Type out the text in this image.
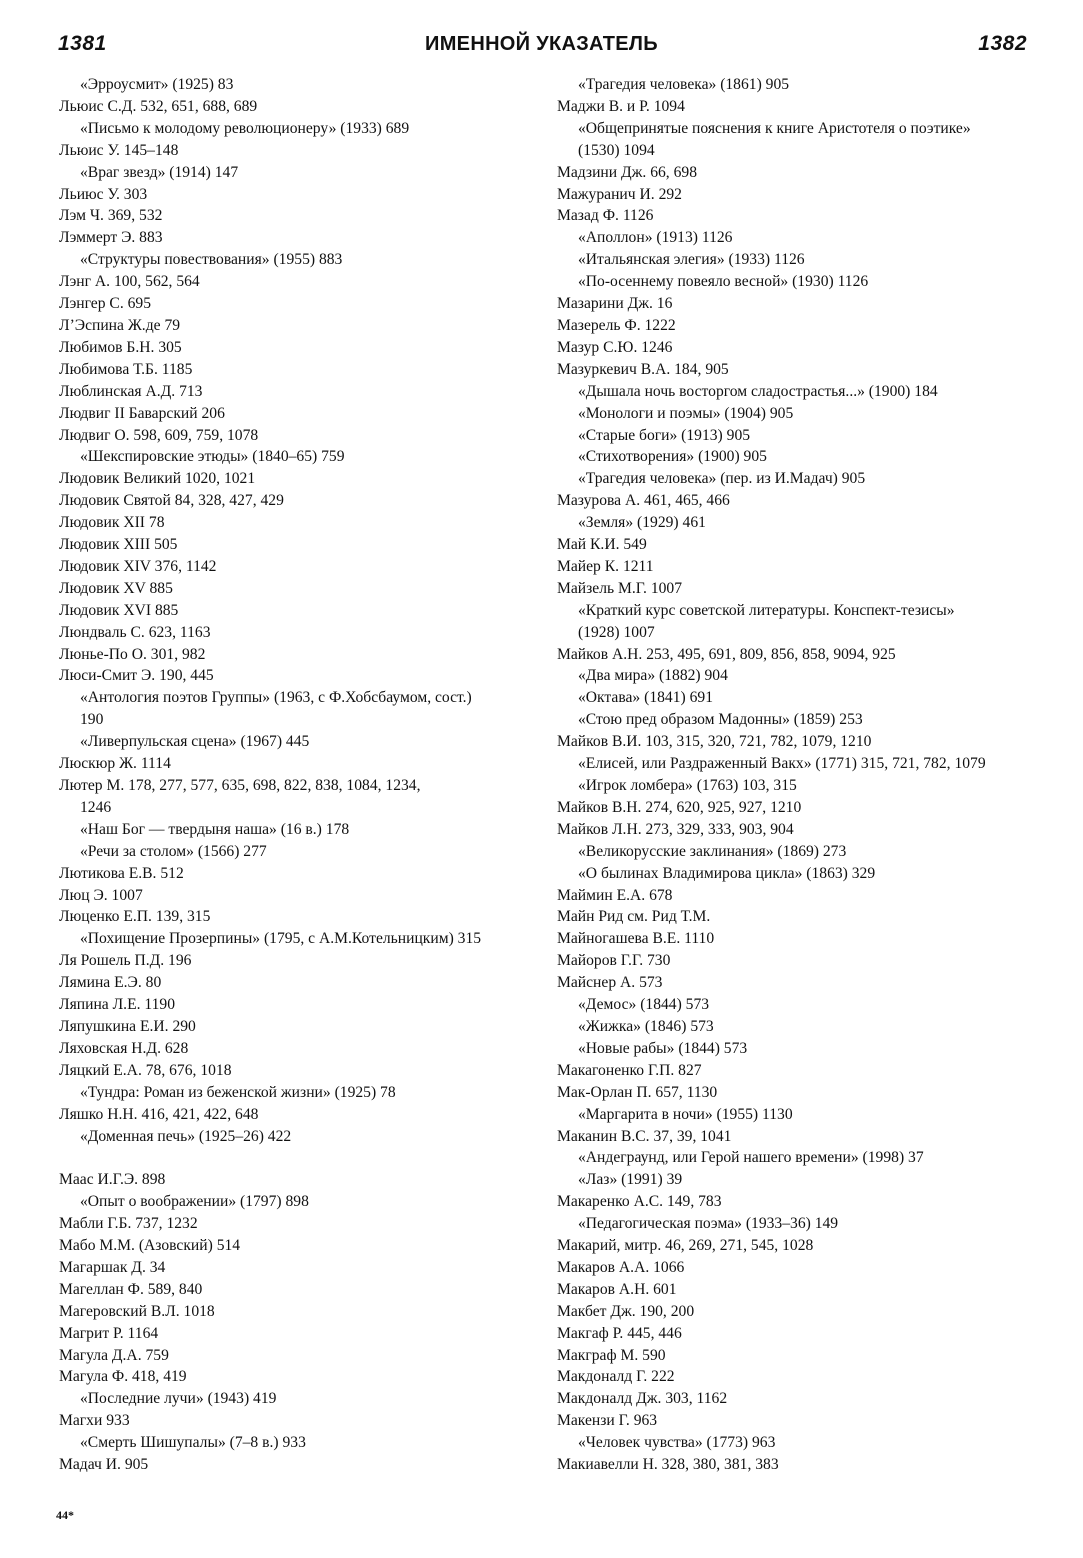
1381	ИМЕННОЙ УКАЗАТЕЛЬ	1382
«Эрроусмит» (1925) 83
Льюис С.Д. 532, 651, 688, 689
«Письмо к молодому революционеру» (1933) 689
Льюис У. 145–148
«Враг звезд» (1914) 147
Льиюс У. 303
Лэм Ч. 369, 532
Лэммерт Э. 883
«Структуры повествования» (1955) 883
Лэнг А. 100, 562, 564
Лэнгер С. 695
Л’Эспина Ж.де 79
Любимов Б.Н. 305
Любимова Т.Б. 1185
Люблинская А.Д. 713
Людвиг II Баварский 206
Людвиг О. 598, 609, 759, 1078
«Шекспировские этюды» (1840–65) 759
Людовик Великий 1020, 1021
Людовик Святой 84, 328, 427, 429
Людовик XII 78
Людовик XIII 505
Людовик XIV 376, 1142
Людовик XV 885
Людовик XVI 885
Люндваль С. 623, 1163
Люнье-По О. 301, 982
Люси-Смит Э. 190, 445
«Антология поэтов Группы» (1963, с Ф.Хобсбаумом, сост.)
190
«Ливерпульская сцена» (1967) 445
Люскюр Ж. 1114
Лютер М. 178, 277, 577, 635, 698, 822, 838, 1084, 1234,
1246
«Наш Бог — твердыня наша» (16 в.) 178
«Речи за столом» (1566) 277
Лютикова Е.В. 512
Люц Э. 1007
Люценко Е.П. 139, 315
«Похищение Прозерпины» (1795, с А.М.Котельницким) 315
Ля Рошель П.Д. 196
Лямина Е.Э. 80
Ляпина Л.Е. 1190
Ляпушкина Е.И. 290
Ляховская Н.Д. 628
Ляцкий Е.А. 78, 676, 1018
«Тундра: Роман из беженской жизни» (1925) 78
Ляшко Н.Н. 416, 421, 422, 648
«Доменная печь» (1925–26) 422
Маас И.Г.Э. 898
«Опыт о воображении» (1797) 898
Мабли Г.Б. 737, 1232
Мабо М.М. (Азовский) 514
Магаршак Д. 34
Магеллан Ф. 589, 840
Магеровский В.Л. 1018
Магрит Р. 1164
Магула Д.А. 759
Магула Ф. 418, 419
«Последние лучи» (1943) 419
Магхи 933
«Смерть Шишупалы» (7–8 в.) 933
Мадач И. 905
«Трагедия человека» (1861) 905
Маджи В. и Р. 1094
«Общепринятые пояснения к книге Аристотеля о поэтике»
(1530) 1094
Мадзини Дж. 66, 698
Мажуранич И. 292
Мазад Ф. 1126
«Аполлон» (1913) 1126
«Итальянская элегия» (1933) 1126
«По-осеннему повеяло весной» (1930) 1126
Мазарини Дж. 16
Мазерель Ф. 1222
Мазур С.Ю. 1246
Мазуркевич В.А. 184, 905
«Дышала ночь восторгом сладострастья...» (1900) 184
«Монологи и поэмы» (1904) 905
«Старые боги» (1913) 905
«Стихотворения» (1900) 905
«Трагедия человека» (пер. из И.Мадач) 905
Мазурова А. 461, 465, 466
«Земля» (1929) 461
Май К.И. 549
Майер К. 1211
Майзель М.Г. 1007
«Краткий курс советской литературы. Конспект-тезисы»
(1928) 1007
Майков А.Н. 253, 495, 691, 809, 856, 858, 9094, 925
«Два мира» (1882) 904
«Октава» (1841) 691
«Стою пред образом Мадонны» (1859) 253
Майков В.И. 103, 315, 320, 721, 782, 1079, 1210
«Елисей, или Раздраженный Вакх» (1771) 315, 721, 782, 1079
«Игрок ломбера» (1763) 103, 315
Майков В.Н. 274, 620, 925, 927, 1210
Майков Л.Н. 273, 329, 333, 903, 904
«Великорусские заклинания» (1869) 273
«О былинах Владимирова цикла» (1863) 329
Маймин Е.А. 678
Майн Рид см. Рид Т.М.
Майногашева В.Е. 1110
Майоров Г.Г. 730
Майснер А. 573
«Демос» (1844) 573
«Жижка» (1846) 573
«Новые рабы» (1844) 573
Макагоненко Г.П. 827
Мак-Орлан П. 657, 1130
«Маргарита в ночи» (1955) 1130
Маканин В.С. 37, 39, 1041
«Андеграунд, или Герой нашего времени» (1998) 37
«Лаз» (1991) 39
Макаренко А.С. 149, 783
«Педагогическая поэма» (1933–36) 149
Макарий, митр. 46, 269, 271, 545, 1028
Макаров А.А. 1066
Макаров А.Н. 601
Макбет Дж. 190, 200
Макгаф Р. 445, 446
Макграф М. 590
Макдоналд Г. 222
Макдоналд Дж. 303, 1162
Макензи Г. 963
«Человек чувства» (1773) 963
Макиавелли Н. 328, 380, 381, 383
44*
